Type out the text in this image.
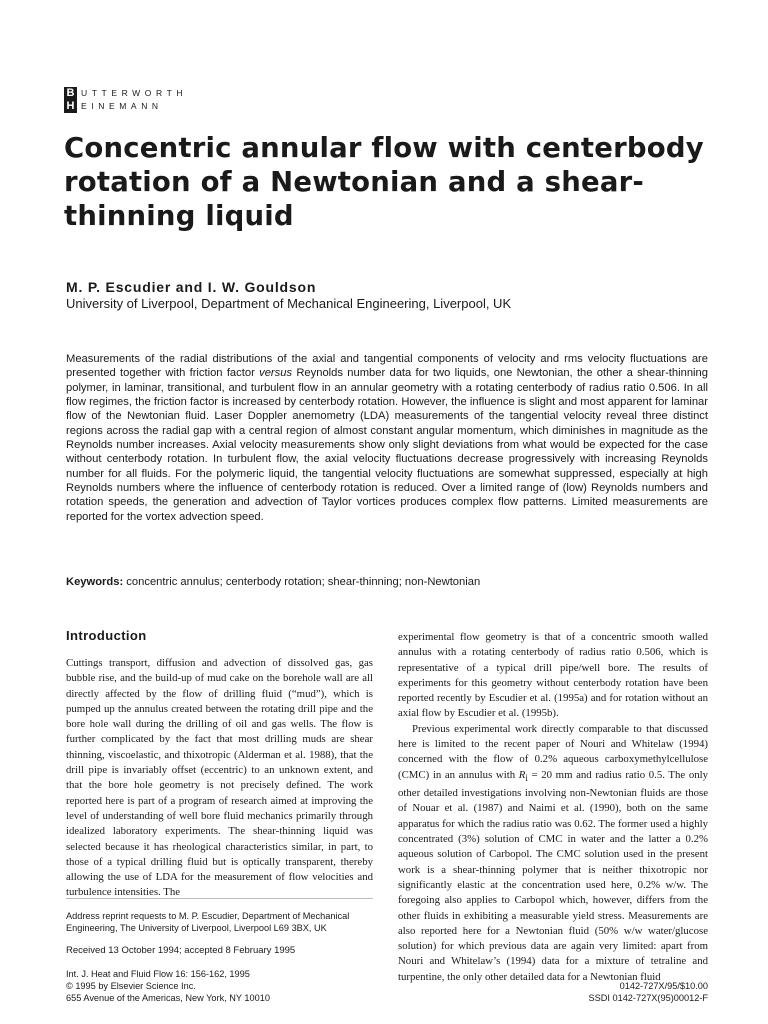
B
H
UTTERWORTH
EINEMANN
Concentric annular flow with centerbody rotation of a Newtonian and a shear-thinning liquid
M. P. Escudier and I. W. Gouldson
University of Liverpool, Department of Mechanical Engineering, Liverpool, UK
Measurements of the radial distributions of the axial and tangential components of velocity and rms velocity fluctuations are presented together with friction factor versus Reynolds number data for two liquids, one Newtonian, the other a shear-thinning polymer, in laminar, transitional, and turbulent flow in an annular geometry with a rotating centerbody of radius ratio 0.506. In all flow regimes, the friction factor is increased by centerbody rotation. However, the influence is slight and most apparent for laminar flow of the Newtonian fluid. Laser Doppler anemometry (LDA) measurements of the tangential velocity reveal three distinct regions across the radial gap with a central region of almost constant angular momentum, which diminishes in magnitude as the Reynolds number increases. Axial velocity measurements show only slight deviations from what would be expected for the case without centerbody rotation. In turbulent flow, the axial velocity fluctuations decrease progressively with increasing Reynolds number for all fluids. For the polymeric liquid, the tangential velocity fluctuations are somewhat suppressed, especially at high Reynolds numbers where the influence of centerbody rotation is reduced. Over a limited range of (low) Reynolds numbers and rotation speeds, the generation and advection of Taylor vortices produces complex flow patterns. Limited measurements are reported for the vortex advection speed.
Keywords: concentric annulus; centerbody rotation; shear-thinning; non-Newtonian
Introduction

Cuttings transport, diffusion and advection of dissolved gas, gas bubble rise, and the build-up of mud cake on the borehole wall are all directly affected by the flow of drilling fluid (“mud”), which is pumped up the annulus created between the rotating drill pipe and the bore hole wall during the drilling of oil and gas wells. The flow is further complicated by the fact that most drilling muds are shear thinning, viscoelastic, and thixotropic (Alderman et al. 1988), that the drill pipe is invariably offset (eccentric) to an unknown extent, and that the bore hole geometry is not precisely defined. The work reported here is part of a program of research aimed at improving the level of understanding of well bore fluid mechanics primarily through idealized laboratory experiments. The shear-thinning liquid was selected because it has rheological characteristics similar, in part, to those of a typical drilling fluid but is optically transparent, thereby allowing the use of LDA for the measurement of flow velocities and turbulence intensities. The

experimental flow geometry is that of a concentric smooth walled annulus with a rotating centerbody of radius ratio 0.506, which is representative of a typical drill pipe/well bore. The results of experiments for this geometry without centerbody rotation have been reported recently by Escudier et al. (1995a) and for rotation without an axial flow by Escudier et al. (1995b).

Previous experimental work directly comparable to that discussed here is limited to the recent paper of Nouri and Whitelaw (1994) concerned with the flow of 0.2% aqueous carboxymethylcellulose (CMC) in an annulus with $R_i = 20$ mm and radius ratio 0.5. The only other detailed investigations involving non-Newtonian fluids are those of Nouar et al. (1987) and Naimi et al. (1990), both on the same apparatus for which the radius ratio was 0.62. The former used a highly concentrated (3%) solution of CMC in water and the latter a 0.2% aqueous solution of Carbopol. The CMC solution used in the present work is a shear-thinning polymer that is neither thixotropic nor significantly elastic at the concentration used here, 0.2% w/w. The foregoing also applies to Carbopol which, however, differs from the other fluids in exhibiting a measurable yield stress. Measurements are also reported here for a Newtonian fluid (50% w/w water/glucose solution) for which previous data are again very limited: apart from Nouri and Whitelaw’s (1994) data for a mixture of tetraline and turpentine, the only other detailed data for a Newtonian fluid

Address reprint requests to M. P. Escudier, Department of Mechanical Engineering, The University of Liverpool, Liverpool L69 3BX, UK
Received 13 October 1994; accepted 8 February 1995
Int. J. Heat and Fluid Flow 16: 156-162, 1995
© 1995 by Elsevier Science Inc.
655 Avenue of the Americas, New York, NY 10010
0142-727X/95/$10.00
SSDI 0142-727X(95)00012-F
